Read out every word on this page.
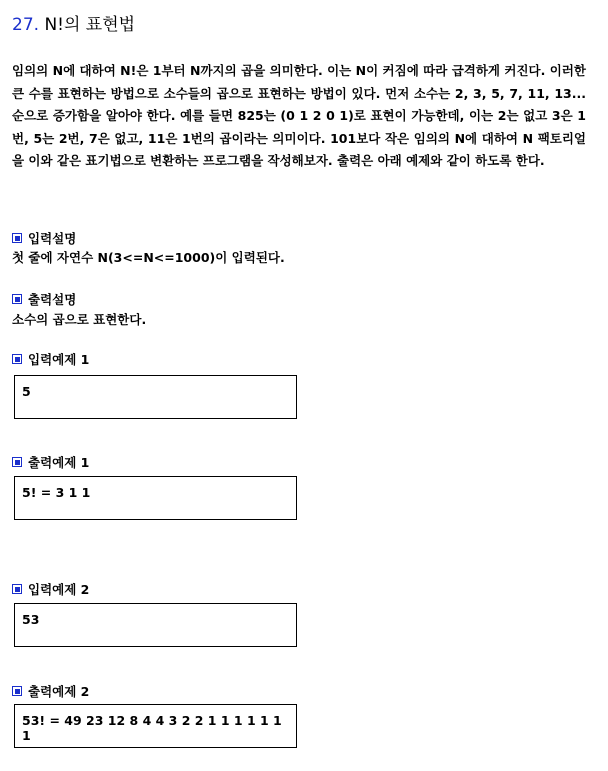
27. N!의 표현법

임의의 N에 대하여 N!은 1부터 N까지의 곱을 의미한다. 이는 N이 커짐에 따라 급격하게 커진다. 이러한 큰 수를 표현하는 방법으로 소수들의 곱으로 표현하는 방법이 있다. 먼저 소수는 2, 3, 5, 7, 11, 13... 순으로 증가함을 알아야 한다. 예를 들면 825는 (0 1 2 0 1)로 표현이 가능한데, 이는 2는 없고 3은 1번, 5는 2번, 7은 없고, 11은 1번의 곱이라는 의미이다. 101보다 작은 임의의 N에 대하여 N 팩토리얼을 이와 같은 표기법으로 변환하는 프로그램을 작성해보자. 출력은 아래 예제와 같이 하도록 한다.

입력설명

첫 줄에 자연수 N(3<=N<=1000)이 입력된다.

출력설명

소수의 곱으로 표현한다.

입력예제 1
5
출력예제 1
5! = 3 1 1
입력예제 2
53
출력예제 2
53! = 49 23 12 8 4 4 3 2 2 1 1 1 1 1 1 1
